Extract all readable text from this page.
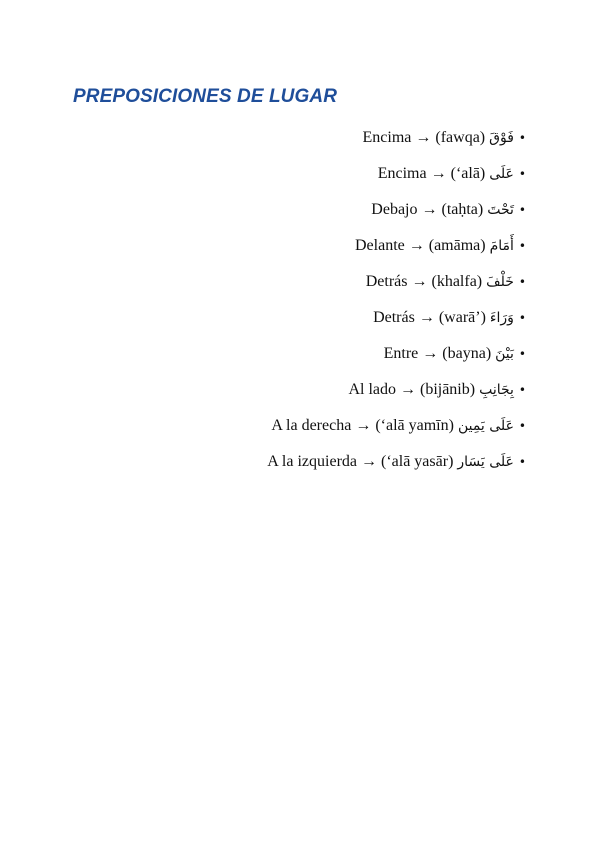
PREPOSICIONES DE LUGAR
Encima
→
(fawqa) فَوْقَ •
Encima
→
(ʻalā) عَلَى •
Debajo
→
(taḥta) تَحْتَ •
Delante
→
(amāma) أَمَامَ •
Detrás
→
(khalfa) خَلْفَ •
Detrás
→
(warāʼ) وَرَاءَ •
Entre
→
(bayna) بَيْنَ •
Al lado
→
(bijānib) بِجَانِبِ •
A la derecha
→
(ʻalā yamīn) عَلَى يَمِين •
A la izquierda
→
(ʻalā yasār) عَلَى يَسَار •
